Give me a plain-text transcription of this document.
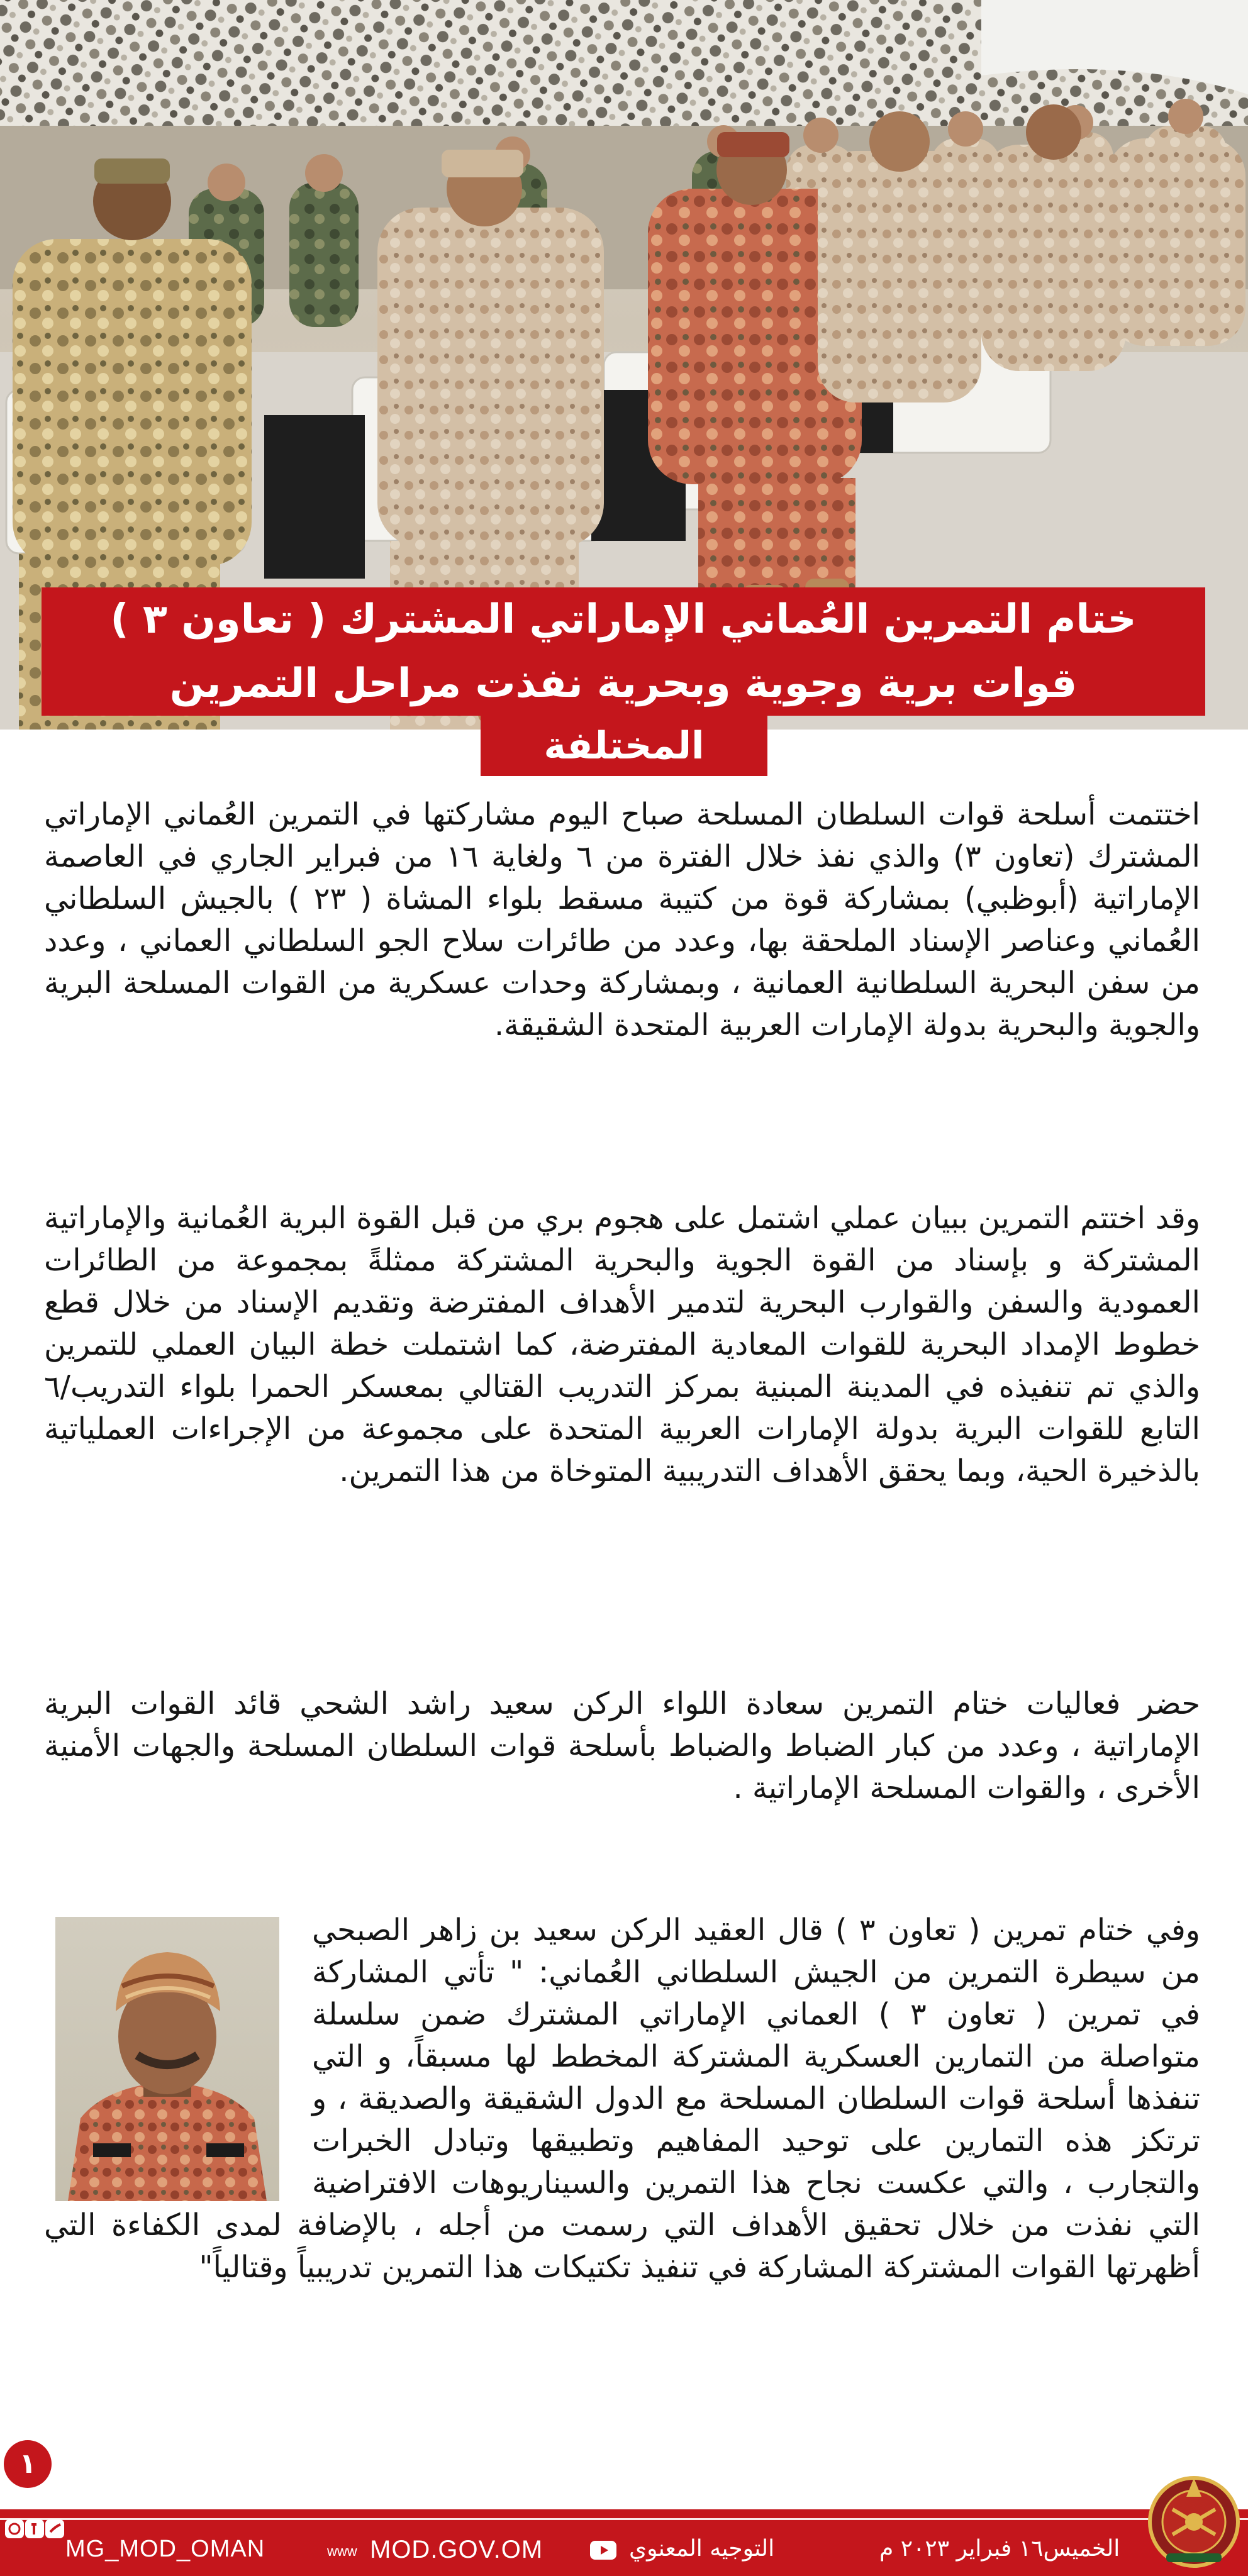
ختام التمرين العُماني الإماراتي المشترك ( تعاون ٣ )
قوات برية وجوية وبحرية نفذت مراحل التمرين
المختلفة

اختتمت أسلحة قوات السلطان المسلحة صباح اليوم مشاركتها في التمرين العُماني الإماراتي المشترك (تعاون ٣) والذي نفذ خلال الفترة من ٦ ولغاية ١٦ من فبراير الجاري في العاصمة الإماراتية (أبوظبي) بمشاركة قوة من كتيبة مسقط بلواء المشاة ( ٢٣ ) بالجيش السلطاني العُماني وعناصر الإسناد الملحقة بها، وعدد من طائرات سلاح الجو السلطاني العماني ، وعدد من سفن البحرية السلطانية العمانية ، وبمشاركة وحدات عسكرية من القوات المسلحة البرية والجوية والبحرية بدولة الإمارات العربية المتحدة الشقيقة.

وقد اختتم التمرين ببيان عملي اشتمل على هجوم بري من قبل القوة البرية العُمانية والإماراتية المشتركة و بإسناد من القوة الجوية والبحرية المشتركة ممثلةً بمجموعة من الطائرات العمودية والسفن والقوارب البحرية لتدمير الأهداف المفترضة وتقديم الإسناد من خلال قطع خطوط الإمداد البحرية للقوات المعادية المفترضة، كما اشتملت خطة البيان العملي للتمرين والذي تم تنفيذه في المدينة المبنية بمركز التدريب القتالي بمعسكر الحمرا بلواء التدريب/٦ التابع للقوات البرية بدولة الإمارات العربية المتحدة على مجموعة من الإجراءات العملياتية بالذخيرة الحية، وبما يحقق الأهداف التدريبية المتوخاة من هذا التمرين.

حضر فعاليات ختام التمرين سعادة اللواء الركن سعيد راشد الشحي قائد القوات البرية الإماراتية ، وعدد من كبار الضباط والضباط بأسلحة قوات السلطان المسلحة والجهات الأمنية الأخرى ، والقوات المسلحة الإماراتية .

وفي ختام تمرين ( تعاون ٣ ) قال العقيد الركن سعيد بن زاهر الصبحي من سيطرة التمرين من الجيش السلطاني العُماني: " تأتي المشاركة في تمرين ( تعاون ٣ ) العماني الإماراتي المشترك ضمن سلسلة متواصلة من التمارين العسكرية المشتركة المخطط لها مسبقاً، و التي تنفذها أسلحة قوات السلطان المسلحة مع الدول الشقيقة والصديقة ، و ترتكز هذه التمارين على توحيد المفاهيم وتطبيقها وتبادل الخبرات والتجارب ، والتي عكست نجاح هذا التمرين والسيناريوهات الافتراضية التي نفذت من خلال تحقيق الأهداف التي رسمت من أجله ، بالإضافة لمدى الكفاءة التي أظهرتها القوات المشتركة المشاركة في تنفيذ تكتيكات هذا التمرين تدريبياً وقتالياً"
١
MG_MOD_OMAN	www MOD.GOV.OM	التوجيه المعنوي	الخميس١٦ فبراير ٢٠٢٣ م
